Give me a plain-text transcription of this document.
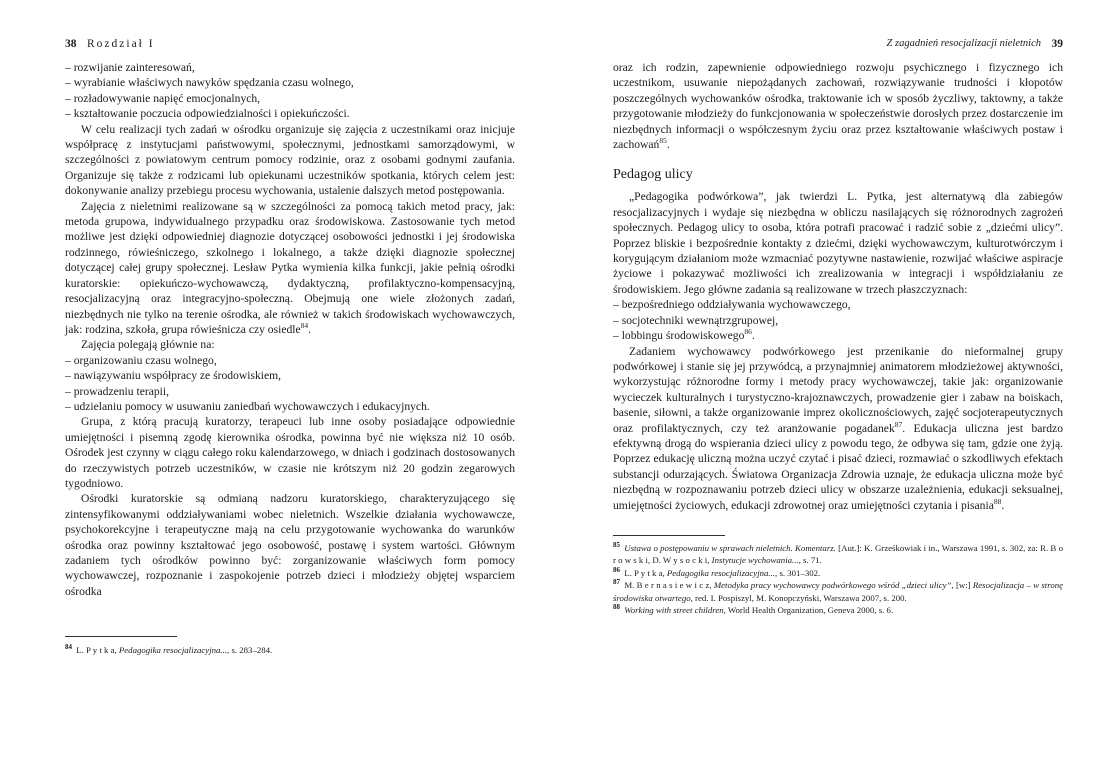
38 Rozdział I

– rozwijanie zainteresowań,

– wyrabianie właściwych nawyków spędzania czasu wolnego,

– rozładowywanie napięć emocjonalnych,

– kształtowanie poczucia odpowiedzialności i opiekuńczości.

W celu realizacji tych zadań w ośrodku organizuje się zajęcia z uczestnikami oraz inicjuje współpracę z instytucjami państwowymi, społecznymi, jednostkami samorządowymi, w szczególności z powiatowym centrum pomocy rodzinie, oraz z osobami godnymi zaufania. Organizuje się także z rodzicami lub opiekunami uczestników spotkania, których celem jest: dokonywanie analizy przebiegu procesu wychowania, ustalenie dalszych metod postępowania.

Zajęcia z nieletnimi realizowane są w szczególności za pomocą takich metod pracy, jak: metoda grupowa, indywidualnego przypadku oraz środowiskowa. Zastosowanie tych metod możliwe jest dzięki odpowiedniej diagnozie dotyczącej osobowości jednostki i jej środowiska rodzinnego, rówieśniczego, szkolnego i lokalnego, a także dzięki diagnozie społecznej dotyczącej całej grupy społecznej. Lesław Pytka wymienia kilka funkcji, jakie pełnią ośrodki kuratorskie: opiekuńczo-wychowawczą, dydaktyczną, profilaktyczno-kompensacyjną, resocjalizacyjną oraz integracyjno-społeczną. Obejmują one wiele złożonych zadań, niezbędnych nie tylko na terenie ośrodka, ale również w takich środowiskach wychowawczych, jak: rodzina, szkoła, grupa rówieśnicza czy osiedle$^{84}$.

Zajęcia polegają głównie na:

– organizowaniu czasu wolnego,

– nawiązywaniu współpracy ze środowiskiem,

– prowadzeniu terapii,

– udzielaniu pomocy w usuwaniu zaniedbań wychowawczych i edukacyjnych.

Grupa, z którą pracują kuratorzy, terapeuci lub inne osoby posiadające odpowiednie umiejętności i pisemną zgodę kierownika ośrodka, powinna być nie większa niż 10 osób. Ośrodek jest czynny w ciągu całego roku kalendarzowego, w dniach i godzinach dostosowanych do rzeczywistych potrzeb uczestników, w czasie nie krótszym niż 20 godzin zegarowych tygodniowo.

Ośrodki kuratorskie są odmianą nadzoru kuratorskiego, charakteryzującego się zintensyfikowanymi oddziaływaniami wobec nieletnich. Wszelkie działania wychowawcze, psychokorekcyjne i terapeutyczne mają na celu przygotowanie wychowanka do warunków ośrodka oraz powinny kształtować jego osobowość, postawę i system wartości. Głównym zadaniem tych ośrodków powinno być: zorganizowanie właściwych form pomocy wychowawczej, rozpoznanie i zaspokojenie potrzeb dzieci i młodzieży objętej wsparciem ośrodka

$^{84}$ L. P y t k a, Pedagogika resocjalizacyjna..., s. 283–284.

Z zagadnień resocjalizacji nieletnich 39

oraz ich rodzin, zapewnienie odpowiedniego rozwoju psychicznego i fizycznego ich uczestnikom, usuwanie niepożądanych zachowań, rozwiązywanie trudności i kłopotów poszczególnych wychowanków ośrodka, traktowanie ich w sposób życzliwy, taktowny, a także przygotowanie młodzieży do funkcjonowania w społeczeństwie dorosłych przez dostarczenie im niezbędnych informacji o współczesnym życiu oraz przez kształtowanie właściwych postaw i zachowań$^{85}$.

Pedagog ulicy

„Pedagogika podwórkowa”, jak twierdzi L. Pytka, jest alternatywą dla zabiegów resocjalizacyjnych i wydaje się niezbędna w obliczu nasilających się różnorodnych zagrożeń społecznych. Pedagog ulicy to osoba, która potrafi pracować i radzić sobie z „dziećmi ulicy”. Poprzez bliskie i bezpośrednie kontakty z dziećmi, dzięki wychowawczym, kulturotwórczym i korygującym działaniom może wzmacniać pozytywne nastawienie, rozwijać właściwe aspiracje życiowe i pokazywać możliwości ich zrealizowania w integracji i współdziałaniu ze środowiskiem. Jego główne zadania są realizowane w trzech płaszczyznach:

– bezpośredniego oddziaływania wychowawczego,

– socjotechniki wewnątrzgrupowej,

– lobbingu środowiskowego$^{86}$.

Zadaniem wychowawcy podwórkowego jest przenikanie do nieformalnej grupy podwórkowej i stanie się jej przywódcą, a przynajmniej animatorem młodzieżowej aktywności, wykorzystując różnorodne formy i metody pracy wychowawczej, takie jak: organizowanie wycieczek kulturalnych i turystyczno-krajoznawczych, prowadzenie gier i zabaw na boiskach, basenie, siłowni, a także organizowanie imprez okolicznościowych, zajęć socjoterapeutycznych oraz profilaktycznych, czy też aranżowanie pogadanek$^{87}$. Edukacja uliczna jest bardzo efektywną drogą do wspierania dzieci ulicy z powodu tego, że odbywa się tam, gdzie one żyją. Poprzez edukację uliczną można uczyć czytać i pisać dzieci, rozmawiać o szkodliwych efektach substancji odurzających. Światowa Organizacja Zdrowia uznaje, że edukacja uliczna może być niezbędną w rozpoznawaniu potrzeb dzieci ulicy w obszarze uzależnienia, edukacji seksualnej, umiejętności życiowych, edukacji zdrowotnej oraz umiejętności czytania i pisania$^{88}$.

$^{85}$ Ustawa o postępowaniu w sprawach nieletnich. Komentarz. [Aut.]: K. Grześkowiak i in., Warszawa 1991, s. 302, za: R. B o r o w s k i, D. W y s o c k i, Instytucje wychowania..., s. 71.

$^{86}$ L. P y t k a, Pedagogika resocjalizacyjna..., s. 301–302.

$^{87}$ M. B e r n a s i e w i c z, Metodyka pracy wychowawcy podwórkowego wśród „dzieci ulicy”, [w:] Resocjalizacja – w stronę środowiska otwartego, red. I. Pospiszyl, M. Konopczyński, Warszawa 2007, s. 200.

$^{88}$ Working with street children, World Health Organization, Geneva 2000, s. 6.
